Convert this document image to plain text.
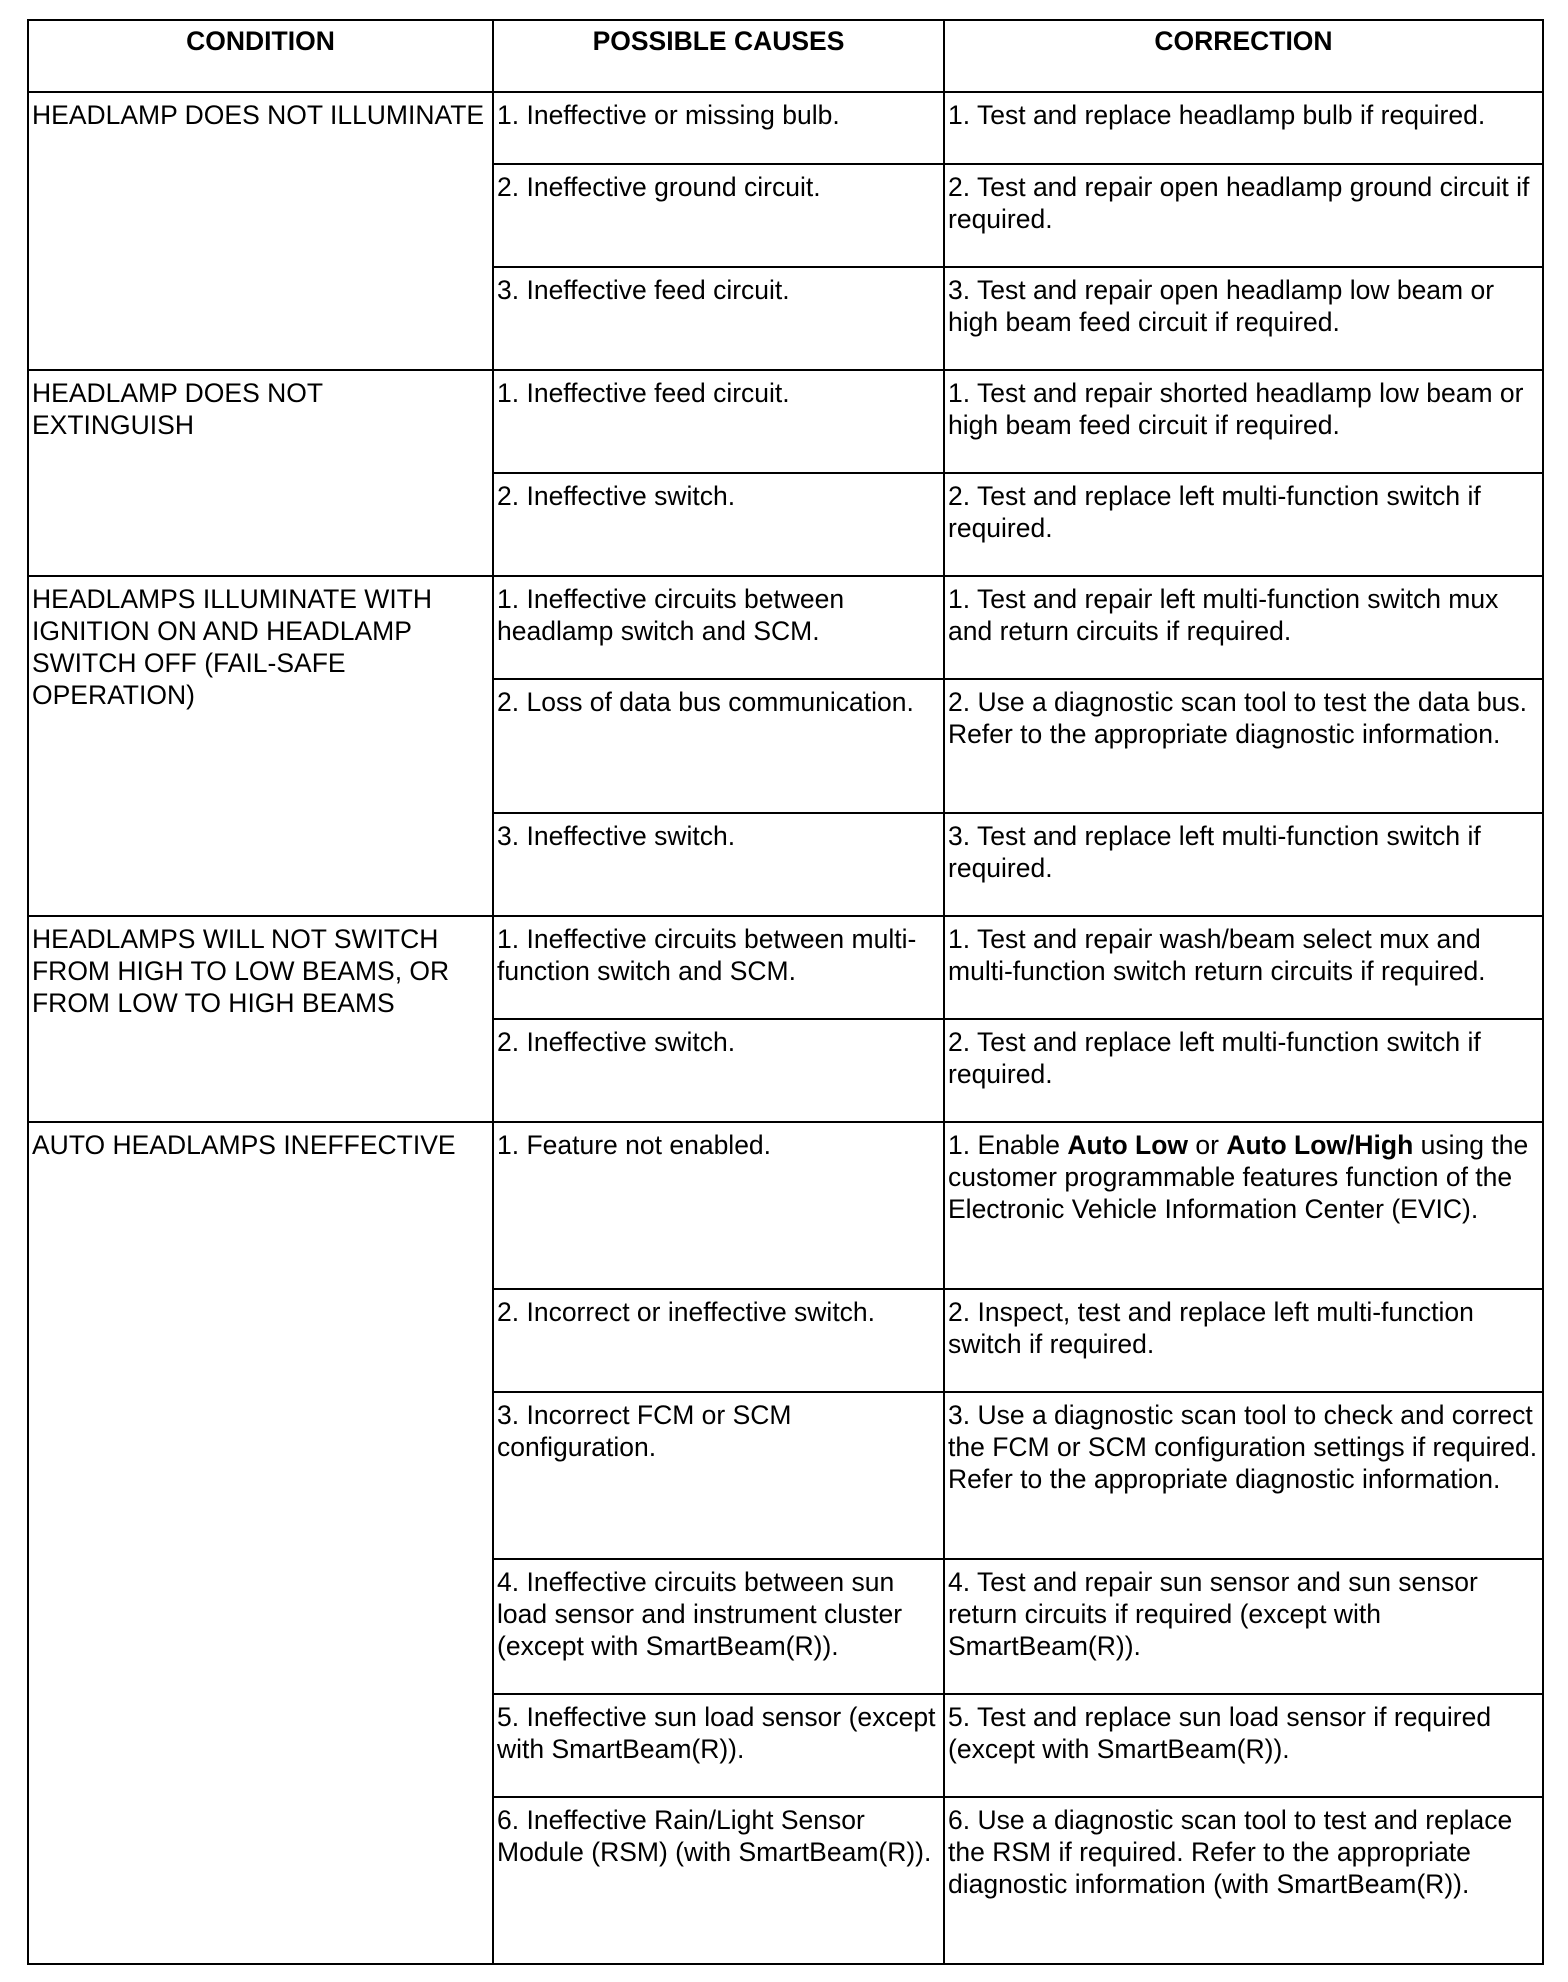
CONDITION	POSSIBLE CAUSES	CORRECTION
HEADLAMP DOES NOT ILLUMINATE	1. Ineffective or missing bulb.	1. Test and replace headlamp bulb if required.
	2. Ineffective ground circuit.	2. Test and repair open headlamp ground circuit if required.
	3. Ineffective feed circuit.	3. Test and repair open headlamp low beam or high beam feed circuit if required.
HEADLAMP DOES NOT EXTINGUISH	1. Ineffective feed circuit.	1. Test and repair shorted headlamp low beam or high beam feed circuit if required.
	2. Ineffective switch.	2. Test and replace left multi-function switch if required.
HEADLAMPS ILLUMINATE WITH IGNITION ON AND HEADLAMP SWITCH OFF (FAIL-SAFE OPERATION)	1. Ineffective circuits between headlamp switch and SCM.	1. Test and repair left multi-function switch mux and return circuits if required.
	2. Loss of data bus communication.	2. Use a diagnostic scan tool to test the data bus. Refer to the appropriate diagnostic information.
	3. Ineffective switch.	3. Test and replace left multi-function switch if required.
HEADLAMPS WILL NOT SWITCH FROM HIGH TO LOW BEAMS, OR FROM LOW TO HIGH BEAMS	1. Ineffective circuits between multi-function switch and SCM.	1. Test and repair wash/beam select mux and multi-function switch return circuits if required.
	2. Ineffective switch.	2. Test and replace left multi-function switch if required.
AUTO HEADLAMPS INEFFECTIVE	1. Feature not enabled.	1. Enable Auto Low or Auto Low/High using the customer programmable features function of the Electronic Vehicle Information Center (EVIC).
	2. Incorrect or ineffective switch.	2. Inspect, test and replace left multi-function switch if required.
	3. Incorrect FCM or SCM configuration.	3. Use a diagnostic scan tool to check and correct the FCM or SCM configuration settings if required. Refer to the appropriate diagnostic information.
	4. Ineffective circuits between sun load sensor and instrument cluster (except with SmartBeam(R)).	4. Test and repair sun sensor and sun sensor return circuits if required (except with SmartBeam(R)).
	5. Ineffective sun load sensor (except with SmartBeam(R)).	5. Test and replace sun load sensor if required (except with SmartBeam(R)).
	6. Ineffective Rain/Light Sensor Module (RSM) (with SmartBeam(R)).	6. Use a diagnostic scan tool to test and replace the RSM if required. Refer to the appropriate diagnostic information (with SmartBeam(R)).
